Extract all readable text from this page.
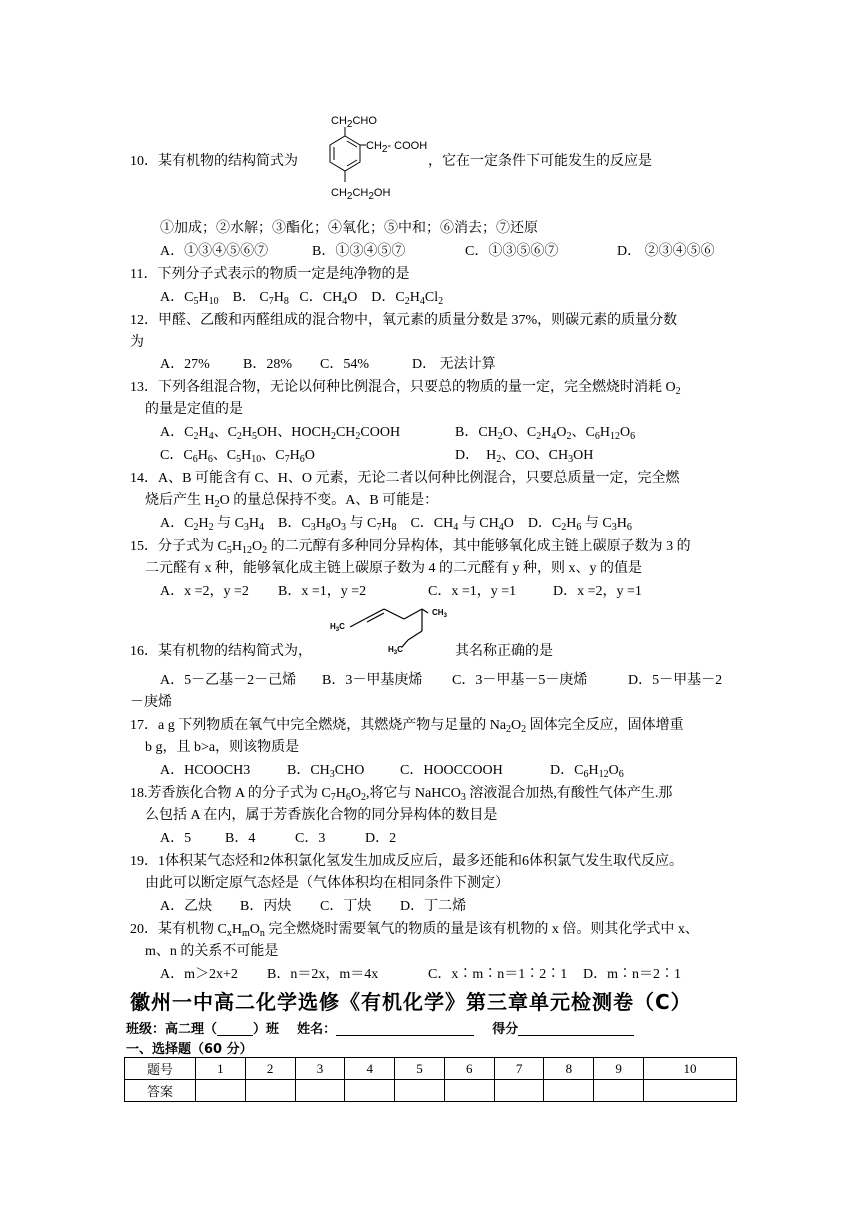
10．某有机物的结构简式为
$CH_2CHO$
$CH_2-$ COOH
$CH_2CH_2OH$
，它在一定条件下可能发生的反应是
①加成；②水解；③酯化；④氧化；⑤中和；⑥消去；⑦还原
A．①③④⑤⑥⑦	B．①③④⑤⑦	C．①③⑤⑥⑦	D． ②③④⑤⑥
11．下列分子式表示的物质一定是纯净物的是
A．$C_5H_{10}$    B． $C_7H_8$   C．$CH_4O$    D．$C_2H_4Cl_2$
12．甲醛、乙酸和丙醛组成的混合物中，氧元素的质量分数是 37%，则碳元素的质量分数
为
A．27% B．28% C．54%	D． 无法计算
13．下列各组混合物，无论以何种比例混合，只要总的物质的量一定，完全燃烧时消耗 $O_2$
的量是定值的是
A．$C_2H_4$、$C_2H_5OH$、$HOCH_2CH_2COOH$	B．$CH_2O$、$C_2H_4O_2$、$C_6H_{12}O_6$
C．$C_6H_6$、$C_5H_{10}$、$C_7H_6O$	D．  $H_2$、CO、$CH_3OH$
14．A、B 可能含有 C、H、O 元素，无论二者以何种比例混合，只要总质量一定，完全燃
烧后产生 $H_2O$ 的量总保持不变。A、B 可能是：
A．$C_2H_2$ 与 $C_3H_4$    B．$C_3H_8O_3$ 与 $C_7H_8$    C．$CH_4$ 与 $CH_4O$    D．$C_2H_6$ 与 $C_3H_6$
15．分子式为 $C_5H_{12}O_2$ 的二元醇有多种同分异构体，其中能够氧化成主链上碳原子数为 3 的
二元醛有 x 种，能够氧化成主链上碳原子数为 4 的二元醛有 y 种，则 x、y 的值是
A．x =2，y =2 B．x =1，y =2	C．x =1，y =1	D．x =2，y =1
$H_3C$
$CH_3$
$H_3C$
16．某有机物的结构简式为，	其名称正确的是
A．5－乙基－2－己烯 B．3－甲基庚烯 C．3－甲基－5－庚烯	D．5－甲基－2
－庚烯
17．a g 下列物质在氧气中完全燃烧，其燃烧产物与足量的 $Na_2O_2$ 固体完全反应，固体增重
b g，且 b>a，则该物质是
A．HCOOCH3	B．$CH_3CHO$	C．HOOCCOOH	D．$C_6H_{12}O_6$
18.芳香族化合物 A 的分子式为 $C_7H_6O_2$,将它与 NaHCO$_3$ 溶液混合加热,有酸性气体产生.那
么包括 A 在内，属于芳香族化合物的同分异构体的数目是
A．5 B．4	C．3	D．2
19．1体积某气态烃和2体积氯化氢发生加成反应后，最多还能和6体积氯气发生取代反应。
由此可以断定原气态烃是（气体体积均在相同条件下测定）
A．乙炔 B．丙炔 C．丁炔 D．丁二烯
20．某有机物 $C_xH_mO_n$ 完全燃烧时需要氧气的物质的量是该有机物的 x 倍。则其化学式中 x、
m、n 的关系不可能是
A．m＞2x+2 B．n＝2x，m＝4x	C．x∶m∶n＝1∶2∶1 D．m∶n＝2∶1
徽州一中高二化学选修《有机化学》第三章单元检测卷（C）
班级：高二理（	）班 姓名：	得分
一、选择题（60 分）
题号	1	2	3	4	5	6	7	8	9	10
答案										
